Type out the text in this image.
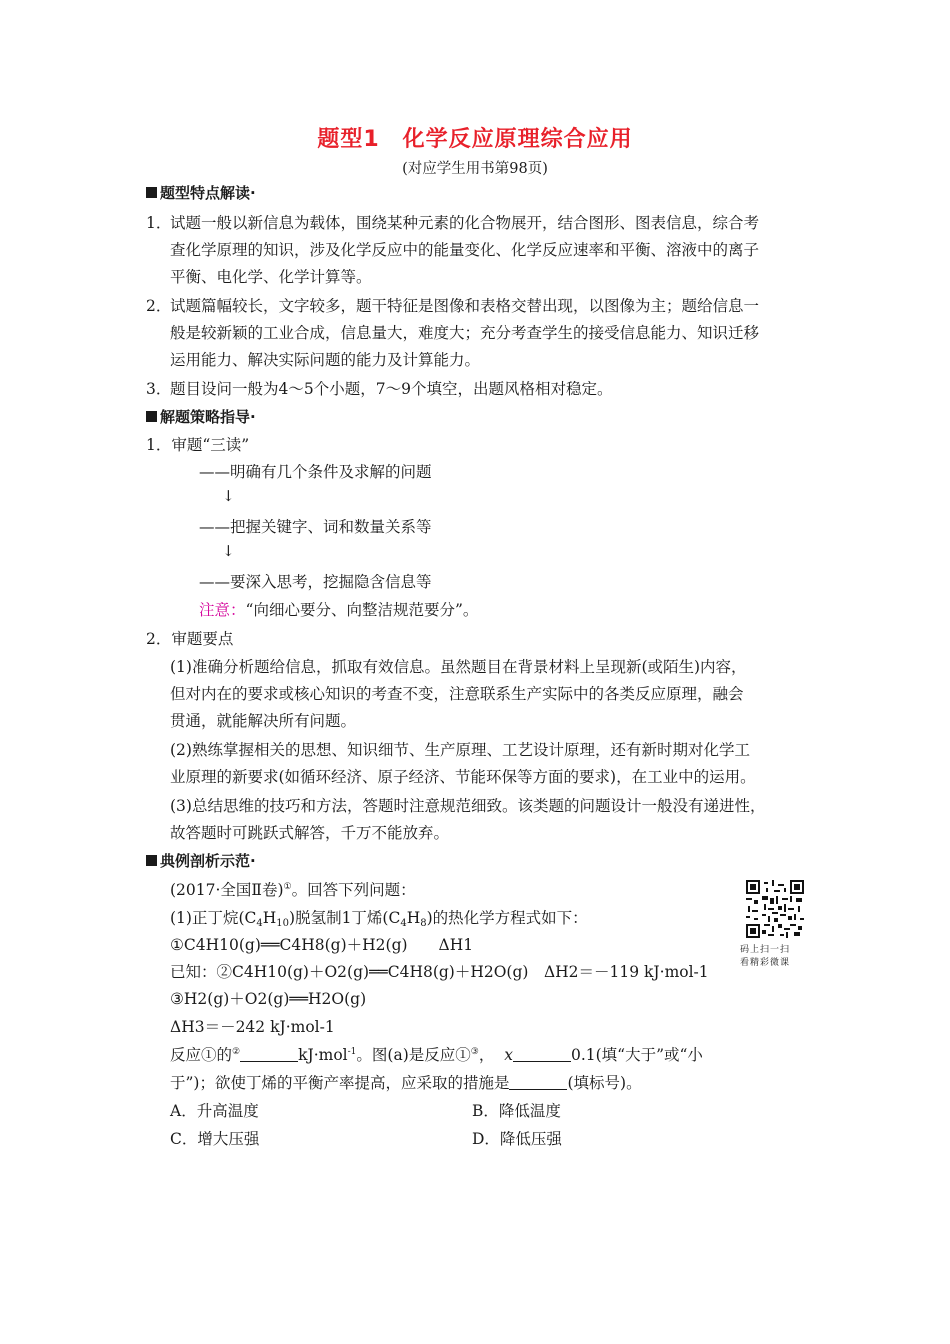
题型1　化学反应原理综合应用
(对应学生用书第98页)
题型特点解读·
1．试题一般以新信息为载体，围绕某种元素的化合物展开，结合图形、图表信息，综合考
查化学原理的知识，涉及化学反应中的能量变化、化学反应速率和平衡、溶液中的离子
平衡、电化学、化学计算等。
2．试题篇幅较长，文字较多，题干特征是图像和表格交替出现，以图像为主；题给信息一
般是较新颖的工业合成，信息量大，难度大；充分考查学生的接受信息能力、知识迁移
运用能力、解决实际问题的能力及计算能力。
3．题目设问一般为4～5个小题，7～9个填空，出题风格相对稳定。
解题策略指导·
1．审题“三读”
——明确有几个条件及求解的问题
↓
——把握关键字、词和数量关系等
↓
——要深入思考，挖掘隐含信息等
注意：“向细心要分、向整洁规范要分”。
2．审题要点
(1)准确分析题给信息，抓取有效信息。虽然题目在背景材料上呈现新(或陌生)内容，
但对内在的要求或核心知识的考查不变，注意联系生产实际中的各类反应原理，融会
贯通，就能解决所有问题。
(2)熟练掌握相关的思想、知识细节、生产原理、工艺设计原理，还有新时期对化学工
业原理的新要求(如循环经济、原子经济、节能环保等方面的要求)，在工业中的运用。
(3)总结思维的技巧和方法，答题时注意规范细致。该类题的问题设计一般没有递进性，
故答题时可跳跃式解答，千万不能放弃。
典例剖析示范·
(2017·全国Ⅱ卷)①。回答下列问题：
(1)正丁烷$(C_4H_{10})$脱氢制1丁烯$(C_4H_8)$的热化学方程式如下：
①C4H10(g)══C4H8(g)＋H2(g)　　ΔH1
已知：②C4H10(g)＋O2(g)══C4H8(g)＋H2O(g)　ΔH2＝－119 kJ·mol-1
③H2(g)＋O2(g)══H2O(g)
ΔH3＝－242 kJ·mol-1
反应①的②	kJ·mol$^{-1}$。图(a)是反应①③， x	0.1(填“大于”或“小
于”)；欲使丁烯的平衡产率提高，应采取的措施是	(填标号)。
A．升高温度	B．降低温度
C．增大压强	D．降低压强
码上扫一扫
看精彩微课
